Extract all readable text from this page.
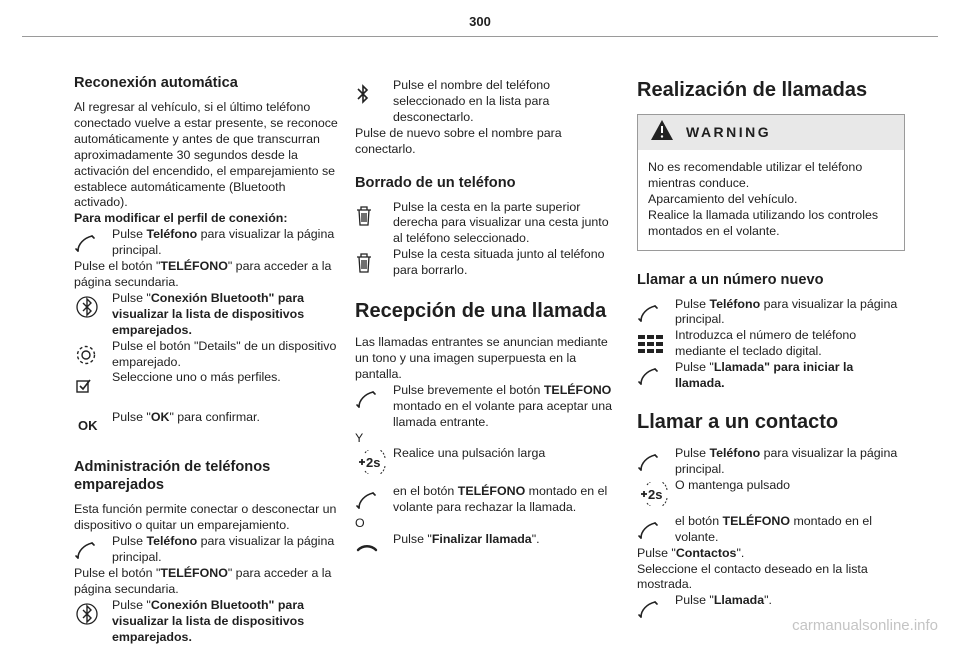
300
Reconexión automática

Al regresar al vehículo, si el último teléfono conectado vuelve a estar presente, se reconoce automáticamente y antes de que transcurran aproximadamente 30 segundos desde la activación del encendido, el emparejamiento se establece automáticamente (Bluetooth activado).

Para modificar el perfil de conexión:

Pulse Teléfono para visualizar la página principal.

Pulse el botón "TELÉFONO" para acceder a la página secundaria.

Pulse "Conexión Bluetooth" para visualizar la lista de dispositivos emparejados.
Pulse el botón "Details" de un dispositivo emparejado.
Seleccione uno o más perfiles.
OK
Pulse "OK" para confirmar.
Administración de teléfonos emparejados

Esta función permite conectar o desconectar un dispositivo o quitar un emparejamiento.

Pulse Teléfono para visualizar la página principal.

Pulse el botón "TELÉFONO" para acceder a la página secundaria.

Pulse "Conexión Bluetooth" para visualizar la lista de dispositivos emparejados.
Pulse el nombre del teléfono seleccionado en la lista para desconectarlo.

Pulse de nuevo sobre el nombre para conectarlo.

Borrado de un teléfono
Pulse la cesta en la parte superior derecha para visualizar una cesta junto al teléfono seleccionado.
Pulse la cesta situada junto al teléfono para borrarlo.
Recepción de una llamada

Las llamadas entrantes se anuncian mediante un tono y una imagen superpuesta en la pantalla.

Pulse brevemente el botón TELÉFONO montado en el volante para aceptar una llamada entrante.

Y

2s
Realice una pulsación larga
en el botón TELÉFONO montado en el volante para rechazar la llamada.

O

Pulse "Finalizar llamada".
Realización de llamadas
WARNING

No es recomendable utilizar el teléfono mientras conduce.

Aparcamiento del vehículo.

Realice la llamada utilizando los controles montados en el volante.

Llamar a un número nuevo
Pulse Teléfono para visualizar la página principal.
Introduzca el número de teléfono mediante el teclado digital.
Pulse "Llamada" para iniciar la llamada.
Llamar a un contacto
Pulse Teléfono para visualizar la página principal.
2s
O mantenga pulsado
el botón TELÉFONO montado en el volante.

Pulse "Contactos".

Seleccione el contacto deseado en la lista mostrada.

Pulse "Llamada".
carmanualsonline.info
